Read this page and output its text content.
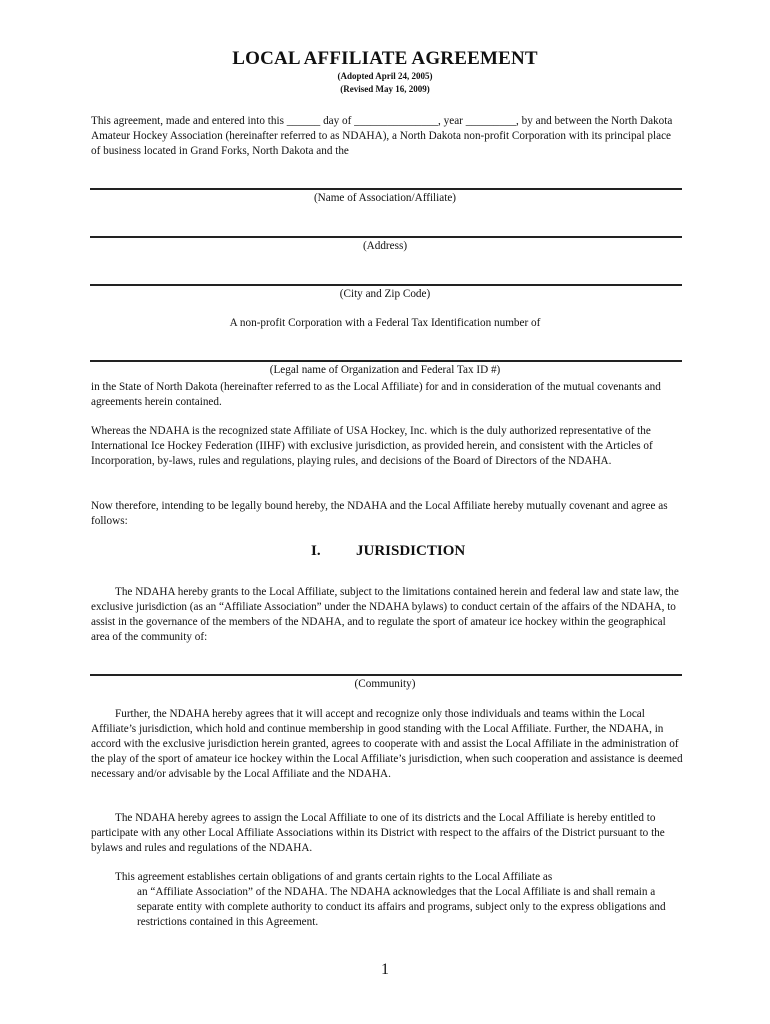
LOCAL AFFILIATE AGREEMENT
(Adopted April 24, 2005)
(Revised May 16, 2009)
This agreement, made and entered into this ______ day of _______________, year _________, by and between the North Dakota Amateur Hockey Association (hereinafter referred to as NDAHA), a North Dakota non-profit Corporation with its principal place of business located in Grand Forks, North Dakota and the
(Name of Association/Affiliate)
(Address)
(City and Zip Code)
A non-profit Corporation with a Federal Tax Identification number of
(Legal name of Organization and Federal Tax ID #)
in the State of North Dakota (hereinafter referred to as the Local Affiliate) for and in consideration of the mutual covenants and agreements herein contained.
Whereas the NDAHA is the recognized state Affiliate of USA Hockey, Inc. which is the duly authorized representative of the International Ice Hockey Federation (IIHF) with exclusive jurisdiction, as provided herein, and consistent with the Articles of Incorporation, by-laws, rules and regulations, playing rules, and decisions of the Board of Directors of the NDAHA.
Now therefore, intending to be legally bound hereby, the NDAHA and the Local Affiliate hereby mutually covenant and agree as follows:
I. JURISDICTION
The NDAHA hereby grants to the Local Affiliate, subject to the limitations contained herein and federal law and state law, the exclusive jurisdiction (as an “Affiliate Association” under the NDAHA bylaws) to conduct certain of the affairs of the NDAHA, to assist in the governance of the members of the NDAHA, and to regulate the sport of amateur ice hockey within the geographical area of the community of:
(Community)
Further, the NDAHA hereby agrees that it will accept and recognize only those individuals and teams within the Local Affiliate’s jurisdiction, which hold and continue membership in good standing with the Local Affiliate. Further, the NDAHA, in accord with the exclusive jurisdiction herein granted, agrees to cooperate with and assist the Local Affiliate in the administration of the play of the sport of amateur ice hockey within the Local Affiliate’s jurisdiction, when such cooperation and assistance is deemed necessary and/or advisable by the Local Affiliate and the NDAHA.
The NDAHA hereby agrees to assign the Local Affiliate to one of its districts and the Local Affiliate is hereby entitled to participate with any other Local Affiliate Associations within its District with respect to the affairs of the District pursuant to the bylaws and rules and regulations of the NDAHA.
This agreement establishes certain obligations of and grants certain rights to the Local Affiliate as
an “Affiliate Association” of the NDAHA. The NDAHA acknowledges that the Local Affiliate is and shall remain a separate entity with complete authority to conduct its affairs and programs, subject only to the express obligations and restrictions contained in this Agreement.
1
